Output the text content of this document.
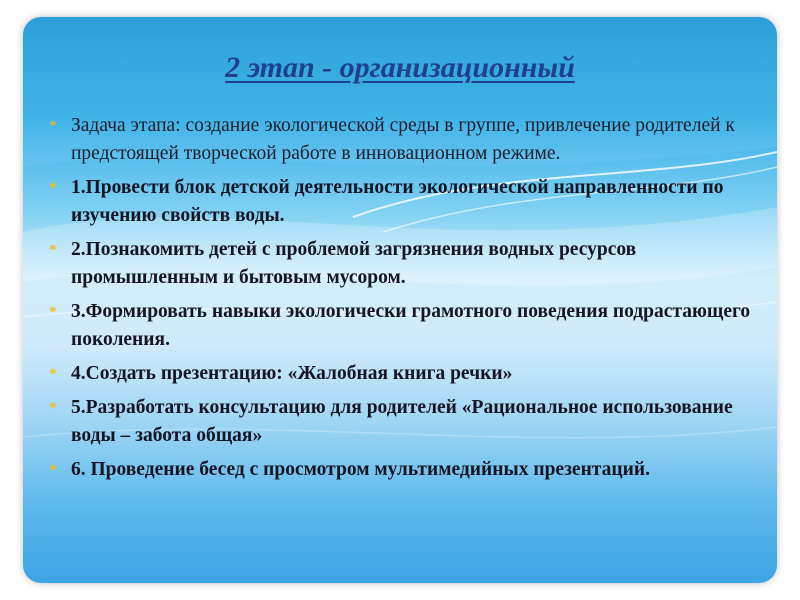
2 этап - организационный
* Задача этапа: создание экологической среды в группе, привлечение родителей к предстоящей творческой работе в инновационном режиме.
* 1.Провести блок детской деятельности экологической направленности по изучению свойств воды.
* 2.Познакомить детей с проблемой загрязнения водных ресурсов промышленным и бытовым мусором.
* 3.Формировать навыки экологически грамотного поведения подрастающего поколения.
* 4.Создать презентацию: «Жалобная книга речки»
* 5.Разработать консультацию для родителей «Рациональное использование воды – забота общая»
* 6. Проведение бесед с просмотром мультимедийных презентаций.
